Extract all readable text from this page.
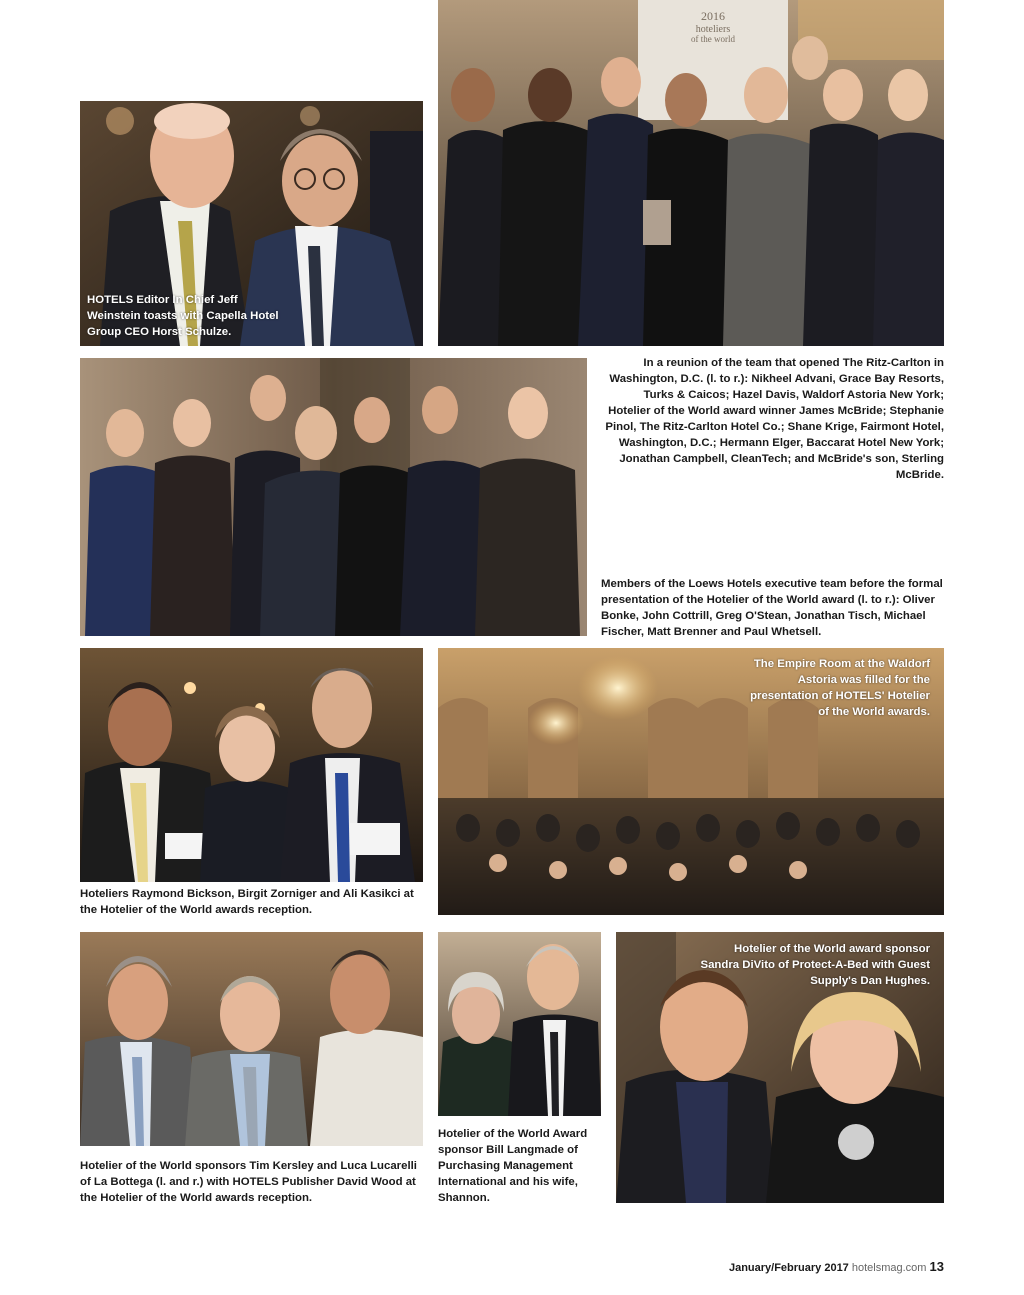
HOTELS Editor In Chief Jeff Weinstein toasts with Capella Hotel Group CEO Horst Schulze.
2016
hoteliers
of the world
In a reunion of the team that opened The Ritz-Carlton in Washington, D.C. (l. to r.): Nikheel Advani, Grace Bay Resorts, Turks & Caicos; Hazel Davis, Waldorf Astoria New York; Hotelier of the World award winner James McBride; Stephanie Pinol, The Ritz-Carlton Hotel Co.; Shane Krige, Fairmont Hotel, Washington, D.C.; Hermann Elger, Baccarat Hotel New York; Jonathan Campbell, CleanTech; and McBride's son, Sterling McBride.
Members of the Loews Hotels executive team before the formal presentation of the Hotelier of the World award (l. to r.): Oliver Bonke, John Cottrill, Greg O'Stean, Jonathan Tisch, Michael Fischer, Matt Brenner and Paul Whetsell.
Hoteliers Raymond Bickson, Birgit Zorniger and Ali Kasikci at the Hotelier of the World awards reception.
The Empire Room at the Waldorf Astoria was filled for the presentation of HOTELS' Hotelier of the World awards.
Hotelier of the World sponsors Tim Kersley and Luca Lucarelli of La Bottega (l. and r.) with HOTELS Publisher David Wood at the Hotelier of the World awards reception.
Hotelier of the World Award sponsor Bill Langmade of Purchasing Management International and his wife, Shannon.
Hotelier of the World award sponsor Sandra DiVito of Protect-A-Bed with Guest Supply's Dan Hughes.
January/February 2017 hotelsmag.com 13
